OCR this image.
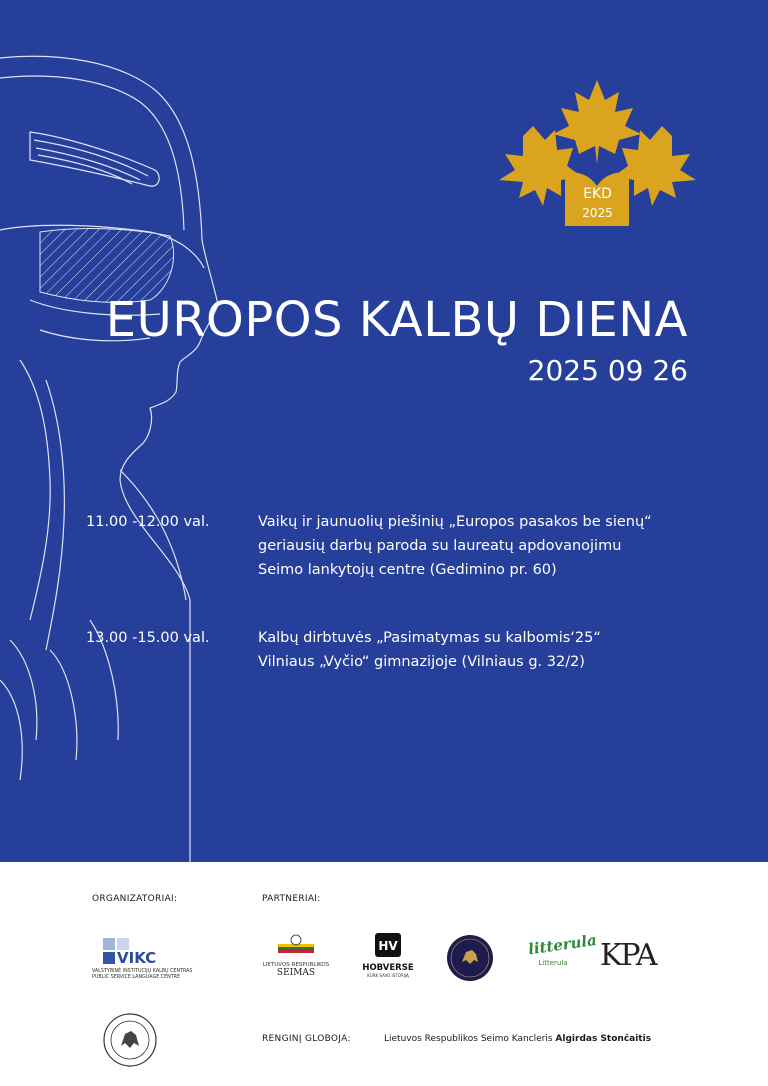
EKD
2025
EUROPOS KALBŲ DIENA
2025 09 26
11.00 -12.00 val.	Vaikų ir jaunuolių piešinių „Europos pasakos be sienų“
geriausių darbų paroda su laureatų apdovanojimu
Seimo lankytojų centre (Gedimino pr. 60)
13.00 -15.00 val.	Kalbų dirbtuvės „Pasimatymas su kalbomis‘25“
Vilniaus „Vyčio“ gimnazijoje (Vilniaus g. 32/2)
ORGANIZATORIAI:	PARTNERIAI:
VIKC
VALSTYBINĖ INSTITUCIJŲ KALBŲ CENTRAS
PUBLIC SERVICE LANGUAGE CENTRE
LIETUVOS RESPUBLIKOS
SEIMAS
HV
HOBVERSE
KURK SAVO ISTORIJĄ
litterula
Litterula	KPA
RENGINĮ GLOBOJA:	Lietuvos Respublikos Seimo Kancleris Algirdas Stončaitis
